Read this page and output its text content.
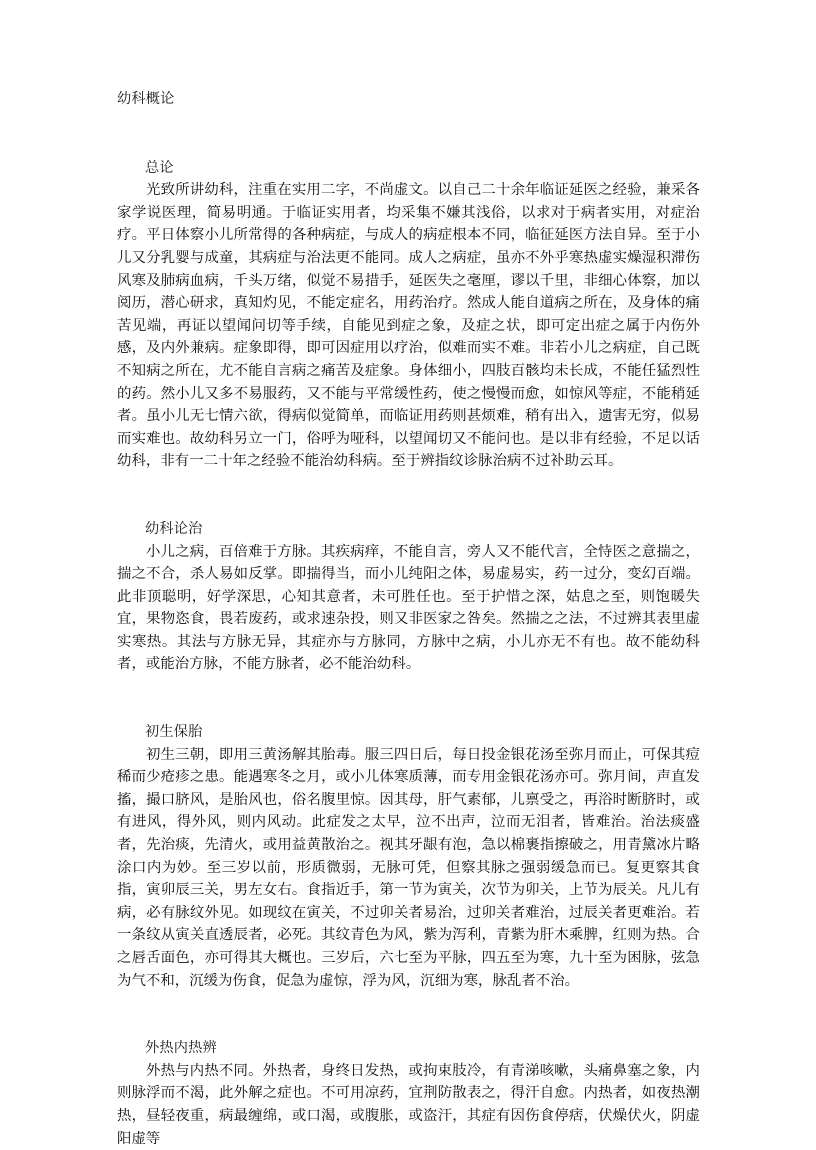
幼科概论
总论

光致所讲幼科，注重在实用二字，不尚虚文。以自己二十余年临证延医之经验，兼采各家学说医理，简易明通。于临证实用者，均采集不嫌其浅俗，以求对于病者实用，对症治疗。平日体察小儿所常得的各种病症，与成人的病症根本不同，临征延医方法自异。至于小儿又分乳婴与成童，其病症与治法更不能同。成人之病症，虽亦不外乎寒热虚实燥湿积滞伤风寒及肺病血病，千头万绪，似觉不易措手，延医失之毫厘，谬以千里，非细心体察，加以阅历，潜心研求，真知灼见，不能定症名，用药治疗。然成人能自道病之所在，及身体的痛苦见端，再证以望闻问切等手续，自能见到症之象，及症之状，即可定出症之属于内伤外感，及内外兼病。症象即得，即可因症用以疗治，似难而实不难。非若小儿之病症，自己既不知病之所在，尤不能自言病之痛苦及症象。身体细小，四肢百骸均未长成，不能任猛烈性的药。然小儿又多不易服药，又不能与平常缓性药，使之慢慢而愈，如惊风等症，不能稍延者。虽小儿无七情六欲，得病似觉简单，而临证用药则甚烦难，稍有出入，遗害无穷，似易而实难也。故幼科另立一门，俗呼为哑科，以望闻切又不能问也。是以非有经验，不足以话幼科，非有一二十年之经验不能治幼科病。至于辨指纹诊脉治病不过补助云耳。

幼科论治

小儿之病，百倍难于方脉。其疾病痒，不能自言，旁人又不能代言，全恃医之意揣之，揣之不合，杀人易如反掌。即揣得当，而小儿纯阳之体，易虚易实，药一过分，变幻百端。此非顶聪明，好学深思，心知其意者，未可胜任也。至于护惜之深，姑息之至，则饱暖失宜，果物恣食，畏若废药，或求速杂投，则又非医家之咎矣。然揣之之法，不过辨其表里虚实寒热。其法与方脉无异，其症亦与方脉同，方脉中之病，小儿亦无不有也。故不能幼科者，或能治方脉，不能方脉者，必不能治幼科。

初生保胎

初生三朝，即用三黄汤解其胎毒。服三四日后，每日投金银花汤至弥月而止，可保其痘稀而少疮疹之患。能遇寒冬之月，或小儿体寒质薄，而专用金银花汤亦可。弥月间，声直发搐，撮口脐风，是胎风也，俗名腹里惊。因其母，肝气素郁，儿禀受之，再浴时断脐时，或有进风，得外风，则内风动。此症发之太早，泣不出声，泣而无泪者，皆难治。治法痰盛者，先治痰，先清火，或用益黄散治之。视其牙龈有泡，急以棉裹指擦破之，用青黛冰片略涂口内为妙。至三岁以前，形质微弱，无脉可凭，但察其脉之强弱缓急而已。复更察其食指，寅卯辰三关，男左女右。食指近手，第一节为寅关，次节为卯关，上节为辰关。凡儿有病，必有脉纹外见。如现纹在寅关，不过卯关者易治，过卯关者难治，过辰关者更难治。若一条纹从寅关直透辰者，必死。其纹青色为风，紫为泻利，青紫为肝木乘脾，红则为热。合之唇舌面色，亦可得其大概也。三岁后，六七至为平脉，四五至为寒，九十至为困脉，弦急为气不和，沉缓为伤食，促急为虚惊，浮为风，沉细为寒，脉乱者不治。

外热内热辨

外热与内热不同。外热者，身终日发热，或拘束肢冷，有青涕咳嗽，头痛鼻塞之象，内则脉浮而不渴，此外解之症也。不可用凉药，宜荆防散表之，得汗自愈。内热者，如夜热潮热，昼轻夜重，病最缠绵，或口渴，或腹胀，或盗汗，其症有因伤食停痞，伏燥伏火，阴虚阳虚等
